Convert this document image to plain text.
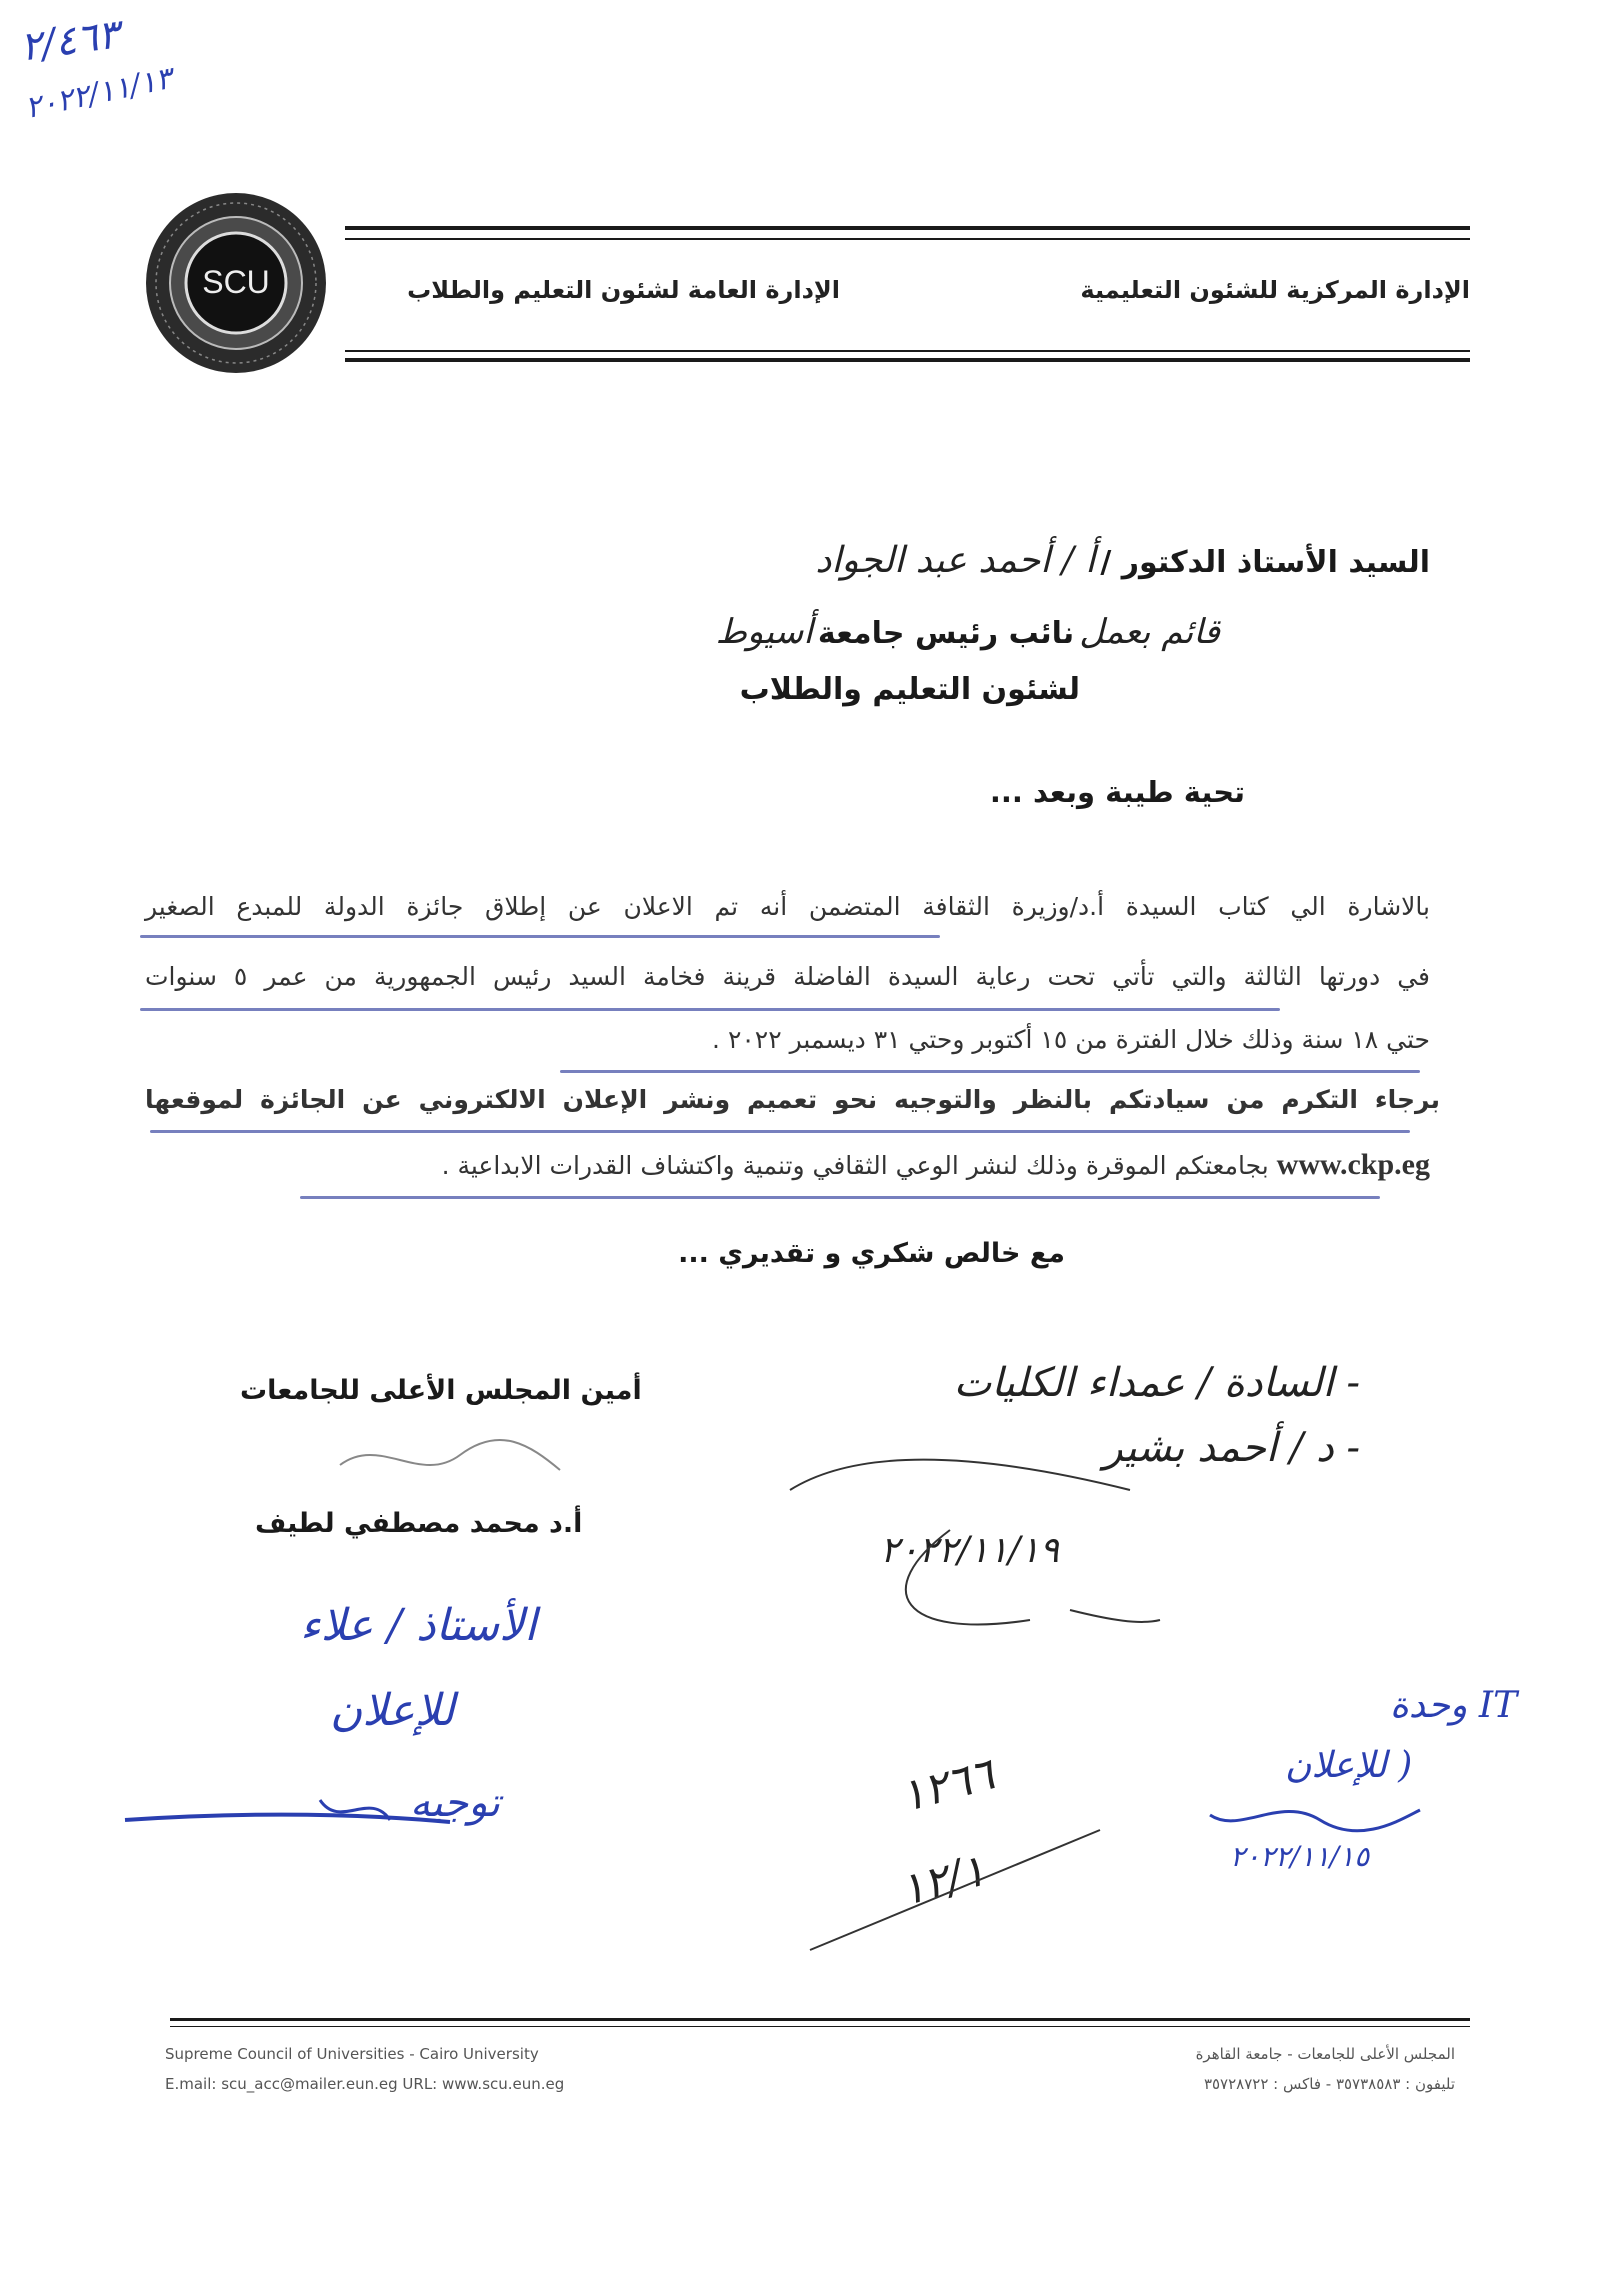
٢/٤٦٣
٢٠٢٢/١١/١٣
SCU	الإدارة المركزية للشئون التعليمية
الإدارة العامة لشئون التعليم والطلاب
السيد الأستاذ الدكتور / أ / أحمد عبد الجواد
قائم بعمل نائب رئيس جامعة أسيوط
لشئون التعليم والطلاب
تحية طيبة وبعد ...
بالاشارة الي كتاب السيدة أ.د/وزيرة الثقافة المتضمن أنه تم الاعلان عن إطلاق جائزة الدولة للمبدع الصغير
في دورتها الثالثة والتي تأتي تحت رعاية السيدة الفاضلة قرينة فخامة السيد رئيس الجمهورية من عمر ٥ سنوات
حتي ١٨ سنة وذلك خلال الفترة من ١٥ أكتوبر وحتي ٣١ ديسمبر ٢٠٢٢ .
برجاء التكرم من سيادتكم بالنظر والتوجيه نحو تعميم ونشر الإعلان الالكتروني عن الجائزة لموقعها
www.ckp.eg بجامعتكم الموقرة وذلك لنشر الوعي الثقافي وتنمية واكتشاف القدرات الابداعية .
مع خالص شكري و تقديري ...
أمين المجلس الأعلى للجامعات
أ.د محمد مصطفي لطيف
- السادة / عمداء الكليات
- د / أحمد بشير
٢٠٢٢/١١/١٩
الأستاذ / علاء
للإعلان
توجيه
وحدة IT
( للإعلان
٢٠٢٢/١١/١٥
١٢٦٦
١٢/١
Supreme Council of Universities - Cairo University
E.mail: scu_acc@mailer.eun.eg URL: www.scu.eun.eg
المجلس الأعلى للجامعات - جامعة القاهرة
تليفون : ٣٥٧٣٨٥٨٣ - فاكس : ٣٥٧٢٨٧٢٢
